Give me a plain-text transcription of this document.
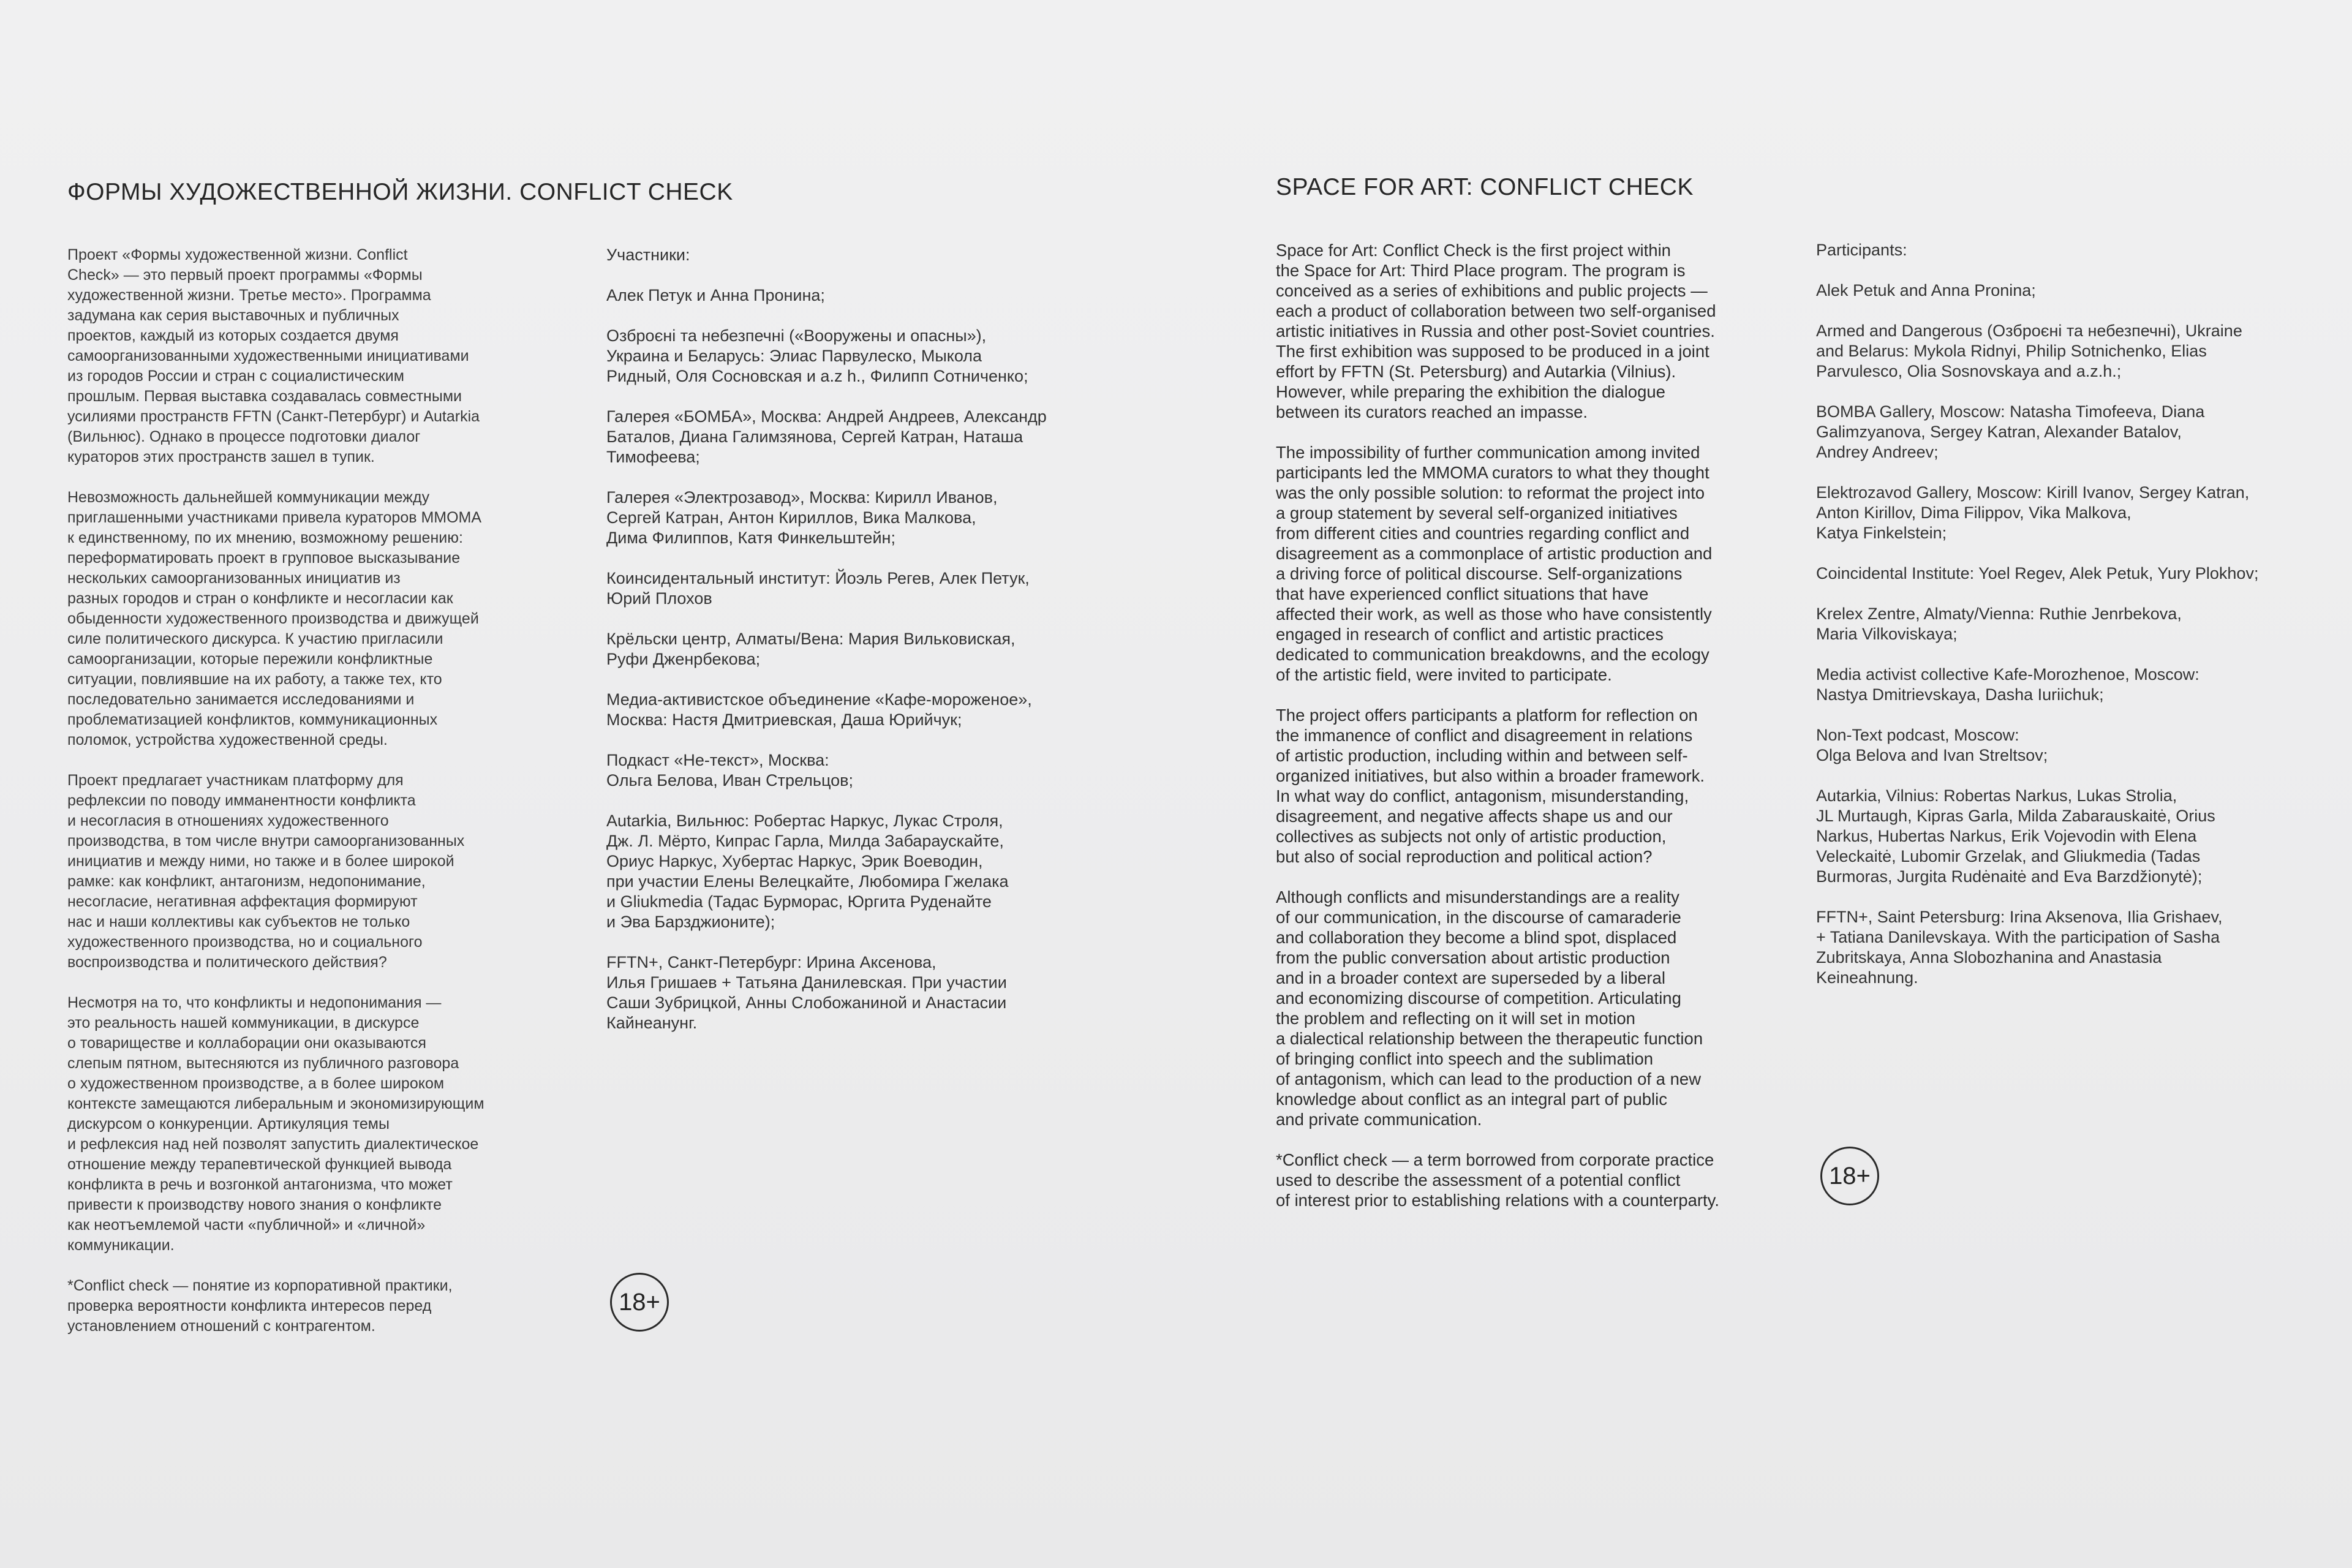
ФОРМЫ ХУДОЖЕСТВЕННОЙ ЖИЗНИ. CONFLICT CHECK

Проект «Формы художественной жизни. Conflict
Check» — это первый проект программы «Формы
художественной жизни. Третье место». Программа
задумана как серия выставочных и публичных
проектов, каждый из которых создается двумя
самоорганизованными художественными инициативами
из городов России и стран с социалистическим
прошлым. Первая выставка создавалась совместными
усилиями пространств FFTN (Санкт-Петербург) и Autarkia
(Вильнюс). Однако в процессе подготовки диалог
кураторов этих пространств зашел в тупик.

Невозможность дальнейшей коммуникации между
приглашенными участниками привела кураторов ММОМА
к единственному, по их мнению, возможному решению:
переформатировать проект в групповое высказывание
нескольких самоорганизованных инициатив из
разных городов и стран о конфликте и несогласии как
обыденности художественного производства и движущей
силе политического дискурса. К участию пригласили
самоорганизации, которые пережили конфликтные
ситуации, повлиявшие на их работу, а также тех, кто
последовательно занимается исследованиями и
проблематизацией конфликтов, коммуникационных
поломок, устройства художественной среды.

Проект предлагает участникам платформу для
рефлексии по поводу имманентности конфликта
и несогласия в отношениях художественного
производства, в том числе внутри самоорганизованных
инициатив и между ними, но также и в более широкой
рамке: как конфликт, антагонизм, недопонимание,
несогласие, негативная аффектация формируют
нас и наши коллективы как субъектов не только
художественного производства, но и социального
воспроизводства и политического действия?

Несмотря на то, что конфликты и недопонимания —
это реальность нашей коммуникации, в дискурсе
о товариществе и коллаборации они оказываются
слепым пятном, вытесняются из публичного разговора
о художественном производстве, а в более широком
контексте замещаются либеральным и экономизирующим
дискурсом о конкуренции. Артикуляция темы
и рефлексия над ней позволят запустить диалектическое
отношение между терапевтической функцией вывода
конфликта в речь и возгонкой антагонизма, что может
привести к производству нового знания о конфликте
как неотъемлемой части «публичной» и «личной»
коммуникации.

*Conflict check — понятие из корпоративной практики,
проверка вероятности конфликта интересов перед
установлением отношений с контрагентом.

Участники:

Алек Петук и Анна Пронина;

Озброєні та небезпечні («Вооружены и опасны»),
Украина и Беларусь: Элиас Парвулеско, Мыкола
Ридный, Оля Сосновская и a.z h., Филипп Сотниченко;

Галерея «БОМБА», Москва: Андрей Андреев, Александр
Баталов, Диана Галимзянова, Сергей Катран, Наташа
Тимофеева;

Галерея «Электрозавод», Москва: Кирилл Иванов,
Сергей Катран, Антон Кириллов, Вика Малкова,
Дима Филиппов, Катя Финкельштейн;

Коинсидентальный институт: Йоэль Регев, Алек Петук,
Юрий Плохов

Крёльски центр, Алматы/Вена: Мария Вильковиская,
Руфи Дженрбекова;

Медиа-активистское объединение «Кафе-мороженое»,
Москва: Настя Дмитриевская, Даша Юрийчук;

Подкаст «Не-текст», Москва:
Ольга Белова, Иван Стрельцов;

Autarkia, Вильнюс: Робертас Наркус, Лукас Строля,
Дж. Л. Мёрто, Кипрас Гарла, Милда Забараускайте,
Ориус Наркус, Хубертас Наркус, Эрик Воеводин,
при участии Елены Велецкайте, Любомира Гжелака
и Gliukmedia (Тадас Бурморас, Юргита Руденайте
и Эва Барзджионите);

FFTN+, Санкт-Петербург: Ирина Аксенова,
Илья Гришаев + Татьяна Данилевская. При участии
Саши Зубрицкой, Анны Слобожаниной и Анастасии
Кайнеанунг.

18+
SPACE FOR ART: CONFLICT CHECK

Space for Art: Conflict Check is the first project within
the Space for Art: Third Place program. The program is
conceived as a series of exhibitions and public projects —
each a product of collaboration between two self-organised
artistic initiatives in Russia and other post-Soviet countries.
The first exhibition was supposed to be produced in a joint
effort by FFTN (St. Petersburg) and Autarkia (Vilnius).
However, while preparing the exhibition the dialogue
between its curators reached an impasse.

The impossibility of further communication among invited
participants led the MMOMA curators to what they thought
was the only possible solution: to reformat the project into
a group statement by several self-organized initiatives
from different cities and countries regarding conflict and
disagreement as a commonplace of artistic production and
a driving force of political discourse. Self-organizations
that have experienced conflict situations that have
affected their work, as well as those who have consistently
engaged in research of conflict and artistic practices
dedicated to communication breakdowns, and the ecology
of the artistic field, were invited to participate.

The project offers participants a platform for reflection on
the immanence of conflict and disagreement in relations
of artistic production, including within and between self-
organized initiatives, but also within a broader framework.
In what way do conflict, antagonism, misunderstanding,
disagreement, and negative affects shape us and our
collectives as subjects not only of artistic production,
but also of social reproduction and political action?

Although conflicts and misunderstandings are a reality
of our communication, in the discourse of camaraderie
and collaboration they become a blind spot, displaced
from the public conversation about artistic production
and in a broader context are superseded by a liberal
and economizing discourse of competition. Articulating
the problem and reflecting on it will set in motion
a dialectical relationship between the therapeutic function
of bringing conflict into speech and the sublimation
of antagonism, which can lead to the production of a new
knowledge about conflict as an integral part of public
and private communication.

*Conflict check — a term borrowed from corporate practice
used to describe the assessment of a potential conflict
of interest prior to establishing relations with a counterparty.

Participants:

Alek Petuk and Anna Pronina;

Armed and Dangerous (Озброєні та небезпечні), Ukraine
and Belarus: Mykola Ridnyi, Philip Sotnichenko, Elias
Parvulesco, Olia Sosnovskaya and a.z.h.;

BOMBA Gallery, Moscow: Natasha Timofeeva, Diana
Galimzyanova, Sergey Katran, Alexander Batalov,
Andrey Andreev;

Elektrozavod Gallery, Moscow: Kirill Ivanov, Sergey Katran,
Anton Kirillov, Dima Filippov, Vika Malkova,
Katya Finkelstein;

Coincidental Institute: Yoel Regev, Alek Petuk, Yury Plokhov;

Krelex Zentre, Almaty/Vienna: Ruthie Jenrbekova,
Maria Vilkoviskaya;

Media activist collective Kafe-Morozhenoe, Moscow:
Nastya Dmitrievskaya, Dasha Iuriichuk;

Non-Text podcast, Moscow:
Olga Belova and Ivan Streltsov;

Autarkia, Vilnius: Robertas Narkus, Lukas Strolia,
JL Murtaugh, Kipras Garla, Milda Zabarauskaitė, Orius
Narkus, Hubertas Narkus, Erik Vojevodin with Elena
Veleckaitė, Lubomir Grzelak, and Gliukmedia (Tadas
Burmoras, Jurgita Rudėnaitė and Eva Barzdžionytė);

FFTN+, Saint Petersburg: Irina Aksenova, Ilia Grishaev,
+ Tatiana Danilevskaya. With the participation of Sasha
Zubritskaya, Anna Slobozhanina and Anastasia
Keineahnung.

18+
